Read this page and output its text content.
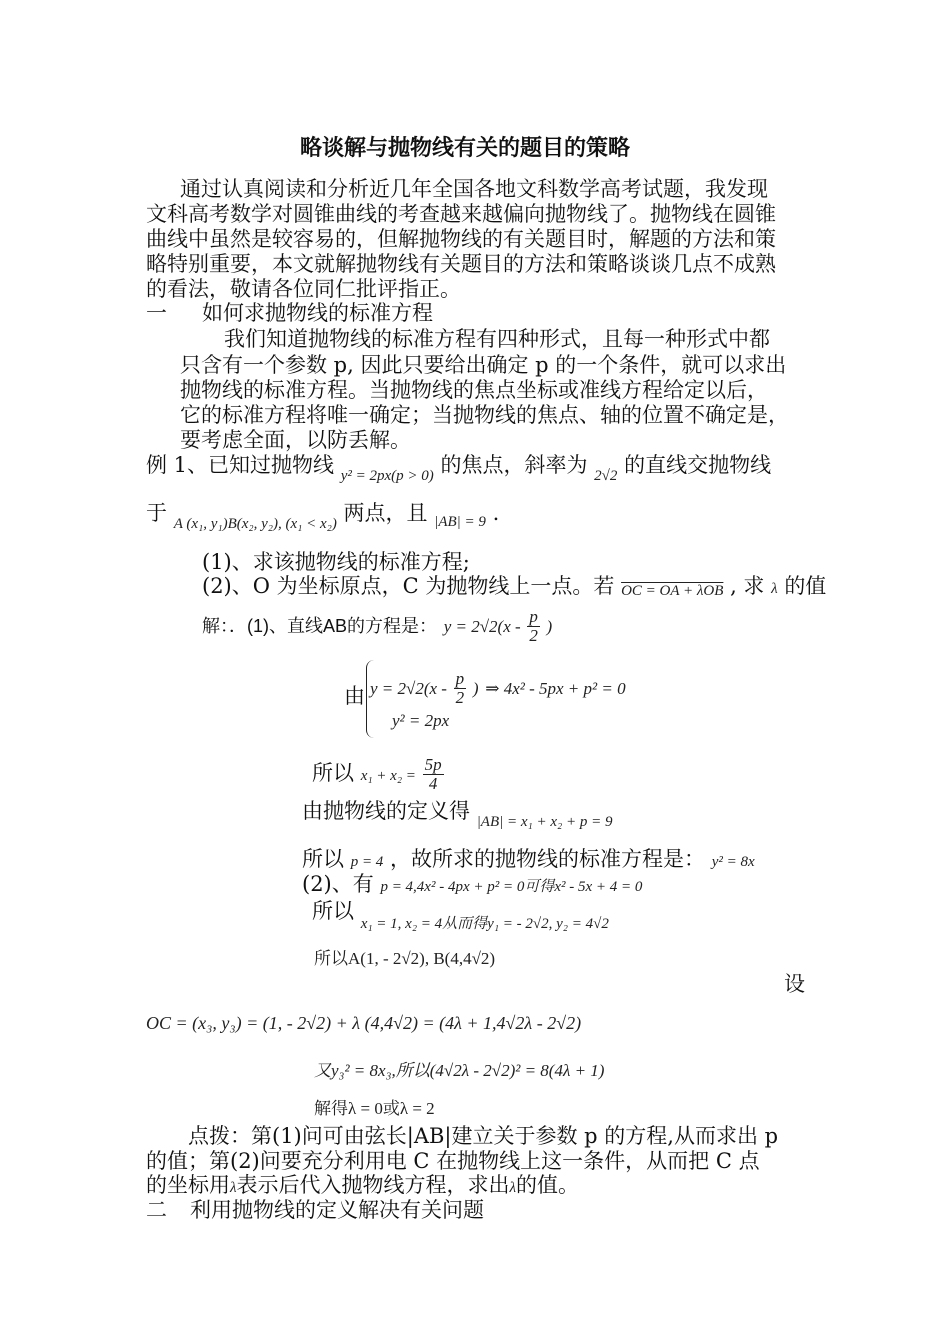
略谈解与抛物线有关的题目的策略
通过认真阅读和分析近几年全国各地文科数学高考试题，我发现
文科高考数学对圆锥曲线的考查越来越偏向抛物线了。抛物线在圆锥
曲线中虽然是较容易的，但解抛物线的有关题目时，解题的方法和策
略特别重要，本文就解抛物线有关题目的方法和策略谈谈几点不成熟
的看法，敬请各位同仁批评指正。
一 如何求抛物线的标准方程
我们知道抛物线的标准方程有四种形式，且每一种形式中都
只含有一个参数 p, 因此只要给出确定 p 的一个条件，就可以求出
抛物线的标准方程。当抛物线的焦点坐标或准线方程给定以后，
它的标准方程将唯一确定；当抛物线的焦点、轴的位置不确定是，
要考虑全面，以防丢解。
例 1、已知过抛物线 $_{y^2 = 2px(p > 0)}$ 的焦点，斜率为 $_{2√2}$ 的直线交抛物线
于 $_{A (x_1, y_1)B(x_2, y_2), (x_1 < x_2)}$ 两点，且 $_{|AB| = 9}$ .
(1)、求该抛物线的标准方程;
(2)、O 为坐标原点，C 为抛物线上一点。若 OC = OA + λOB , 求 λ 的值
解：．(1)、直线AB的方程是： $y = 2√2(x - \frac{p}{2}$ )
由 $y = 2√2(x - \frac{p}{2}$ ) ⇒ 4x² - 5px + p² = 0
y² = 2px
所以 $x_1 + x_2 = \frac{5p}{4}$
由抛物线的定义得 $_{|AB| = x_1 + x_2 + p = 9}$
所以 p = 4 ，故所求的抛物线的标准方程是： y² = 8x
(2)、有 p = 4,4x² - 4px + p² = 0可得x² - 5x + 4 = 0
所以 $_{x_1 = 1, x_2 = 4从而得y_1 = - 2√2, y_2 = 4√2}$
所以A(1, - 2√2), B(4,4√2)
设
OC = (x₃, y₃) = (1, - 2√2) + λ (4,4√2) = (4λ + 1,4√2λ - 2√2)
又y₃² = 8x₃,所以(4√2λ - 2√2)² = 8(4λ + 1)
解得λ = 0或λ = 2
点拨：第(1)问可由弦长|AB|建立关于参数 p 的方程,从而求出 p
的值；第(2)问要充分利用电 C 在抛物线上这一条件，从而把 C 点
的坐标用λ表示后代入抛物线方程，求出λ的值。
二 利用抛物线的定义解决有关问题
